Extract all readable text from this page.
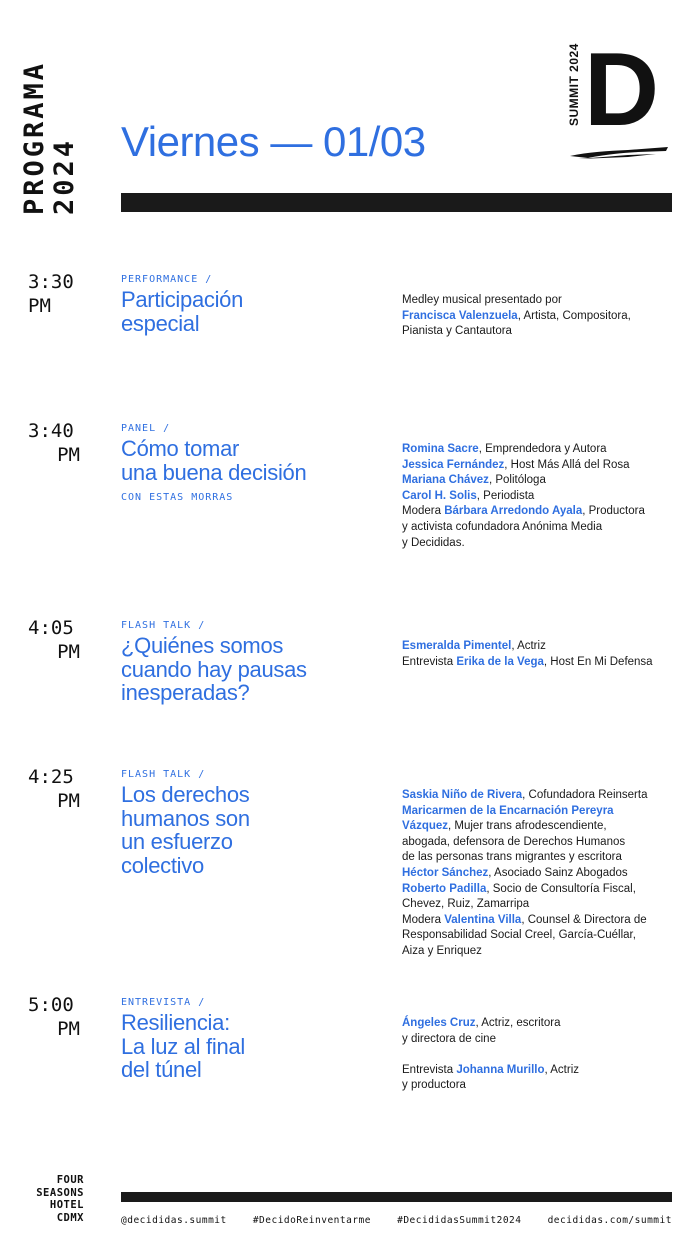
PROGRAMA 2024 Viernes — 01/03
SUMMIT 2024 D
3:30
PM
PERFORMANCE /
Participación
especial
Medley musical presentado por
Francisca Valenzuela, Artista, Compositora,
Pianista y Cantautora
3:40
PM
PANEL /
Cómo tomar
una buena decisión
CON ESTAS MORRAS
Romina Sacre, Emprendedora y Autora
Jessica Fernández, Host Más Allá del Rosa
Mariana Chávez, Politóloga
Carol H. Solis, Periodista
Modera Bárbara Arredondo Ayala, Productora
y activista cofundadora Anónima Media
y Decididas.
4:05
PM
FLASH TALK /
¿Quiénes somos
cuando hay pausas
inesperadas?
Esmeralda Pimentel, Actriz
Entrevista Erika de la Vega, Host En Mi Defensa
4:25
PM
FLASH TALK /
Los derechos
humanos son
un esfuerzo
colectivo
Saskia Niño de Rivera, Cofundadora Reinserta
Maricarmen de la Encarnación Pereyra
Vázquez, Mujer trans afrodescendiente,
abogada, defensora de Derechos Humanos
de las personas trans migrantes y escritora
Héctor Sánchez, Asociado Sainz Abogados
Roberto Padilla, Socio de Consultoría Fiscal,
Chevez, Ruiz, Zamarripa
Modera Valentina Villa, Counsel & Directora de
Responsabilidad Social Creel, García-Cuéllar,
Aiza y Enriquez
5:00
PM
ENTREVISTA /
Resiliencia:
La luz al final
del túnel
Ángeles Cruz, Actriz, escritora
y directora de cine
Entrevista Johanna Murillo, Actriz
y productora
FOUR
SEASONS
HOTEL
CDMX	@decididas.summit	#DecidoReinventarme	#DecididasSummit2024	decididas.com/summit
